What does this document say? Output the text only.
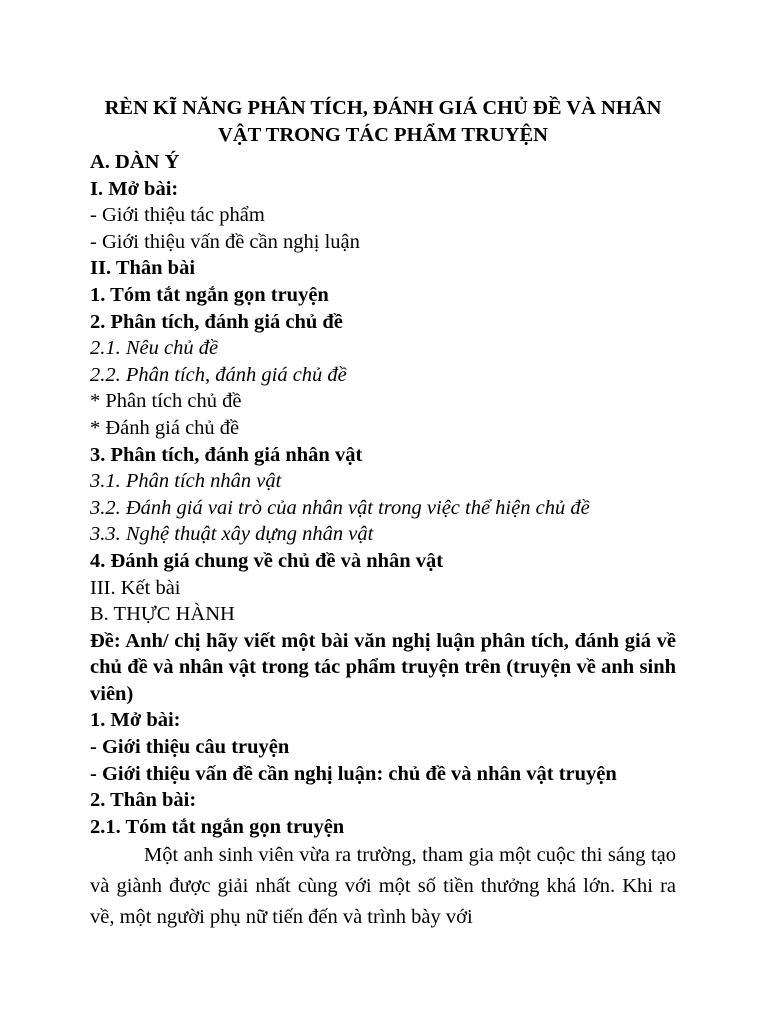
RÈN KĨ NĂNG PHÂN TÍCH, ĐÁNH GIÁ CHỦ ĐỀ VÀ NHÂN VẬT TRONG TÁC PHẨM TRUYỆN

A. DÀN Ý

I. Mở bài:

- Giới thiệu tác phẩm

- Giới thiệu vấn đề cần nghị luận

II. Thân bài

1. Tóm tắt ngắn gọn truyện

2. Phân tích, đánh giá chủ đề

2.1. Nêu chủ đề

2.2. Phân tích, đánh giá chủ đề

* Phân tích chủ đề

* Đánh giá chủ đề

3. Phân tích, đánh giá nhân vật

3.1. Phân tích nhân vật

3.2. Đánh giá vai trò của nhân vật trong việc thể hiện chủ đề

3.3. Nghệ thuật xây dựng nhân vật

4. Đánh giá chung về chủ đề và nhân vật

III. Kết bài

B. THỰC HÀNH

Đề: Anh/ chị hãy viết một bài văn nghị luận phân tích, đánh giá về chủ đề và nhân vật trong tác phẩm truyện trên (truyện về anh sinh viên)

1. Mở bài:

- Giới thiệu câu truyện

- Giới thiệu vấn đề cần nghị luận: chủ đề và nhân vật truyện

2. Thân bài:

2.1. Tóm tắt ngắn gọn truyện

Một anh sinh viên vừa ra trường, tham gia một cuộc thi sáng tạo và giành được giải nhất cùng với một số tiền thưởng khá lớn. Khi ra về, một người phụ nữ tiến đến và trình bày với
